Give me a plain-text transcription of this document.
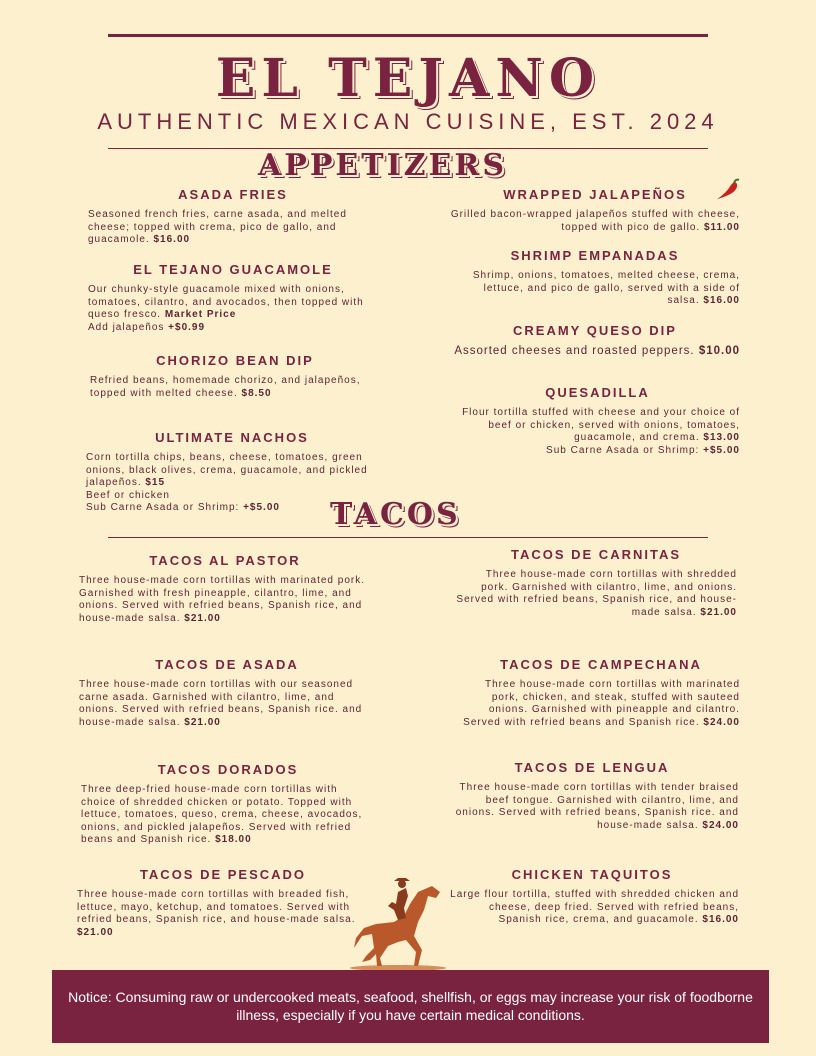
EL TEJANO
AUTHENTIC MEXICAN CUISINE, EST. 2024
APPETIZERS
ASADA FRIES

Seasoned french fries, carne asada, and melted cheese; topped with crema, pico de gallo, and guacamole. $16.00

EL TEJANO GUACAMOLE

Our chunky-style guacamole mixed with onions, tomatoes, cilantro, and avocados, then topped with queso fresco. Market Price
Add jalapeños +$0.99

CHORIZO BEAN DIP

Refried beans, homemade chorizo, and jalapeños, topped with melted cheese. $8.50

ULTIMATE NACHOS

Corn tortilla chips, beans, cheese, tomatoes, green onions, black olives, crema, guacamole, and pickled jalapeños. $15
Beef or chicken
Sub Carne Asada or Shrimp: +$5.00

WRAPPED JALAPEÑOS

Grilled bacon-wrapped jalapeños stuffed with cheese, topped with pico de gallo. $11.00

SHRIMP EMPANADAS

Shrimp, onions, tomatoes, melted cheese, crema, lettuce, and pico de gallo, served with a side of salsa. $16.00

CREAMY QUESO DIP

Assorted cheeses and roasted peppers. $10.00

QUESADILLA

Flour tortilla stuffed with cheese and your choice of beef or chicken, served with onions, tomatoes, guacamole, and crema. $13.00
Sub Carne Asada or Shrimp: +$5.00

TACOS
TACOS AL PASTOR

Three house-made corn tortillas with marinated pork. Garnished with fresh pineapple, cilantro, lime, and onions. Served with refried beans, Spanish rice, and house-made salsa. $21.00

TACOS DE ASADA

Three house-made corn tortillas with our seasoned carne asada. Garnished with cilantro, lime, and onions. Served with refried beans, Spanish rice. and house-made salsa. $21.00

TACOS DORADOS

Three deep-fried house-made corn tortillas with choice of shredded chicken or potato. Topped with lettuce, tomatoes, queso, crema, cheese, avocados, onions, and pickled jalapeños. Served with refried beans and Spanish rice. $18.00

TACOS DE PESCADO

Three house-made corn tortillas with breaded fish, lettuce, mayo, ketchup, and tomatoes. Served with refried beans, Spanish rice, and house-made salsa. $21.00

TACOS DE CARNITAS

Three house-made corn tortillas with shredded pork. Garnished with cilantro, lime, and onions. Served with refried beans, Spanish rice, and house-made salsa. $21.00

TACOS DE CAMPECHANA

Three house-made corn tortillas with marinated pork, chicken, and steak, stuffed with sauteed onions. Garnished with pineapple and cilantro. Served with refried beans and Spanish rice. $24.00

TACOS DE LENGUA

Three house-made corn tortillas with tender braised beef tongue. Garnished with cilantro, lime, and onions. Served with refried beans, Spanish rice. and house-made salsa. $24.00

CHICKEN TAQUITOS

Large flour tortilla, stuffed with shredded chicken and cheese, deep fried. Served with refried beans, Spanish rice, crema, and guacamole. $16.00

Notice: Consuming raw or undercooked meats, seafood, shellfish, or eggs may increase your risk of foodborne illness, especially if you have certain medical conditions.
